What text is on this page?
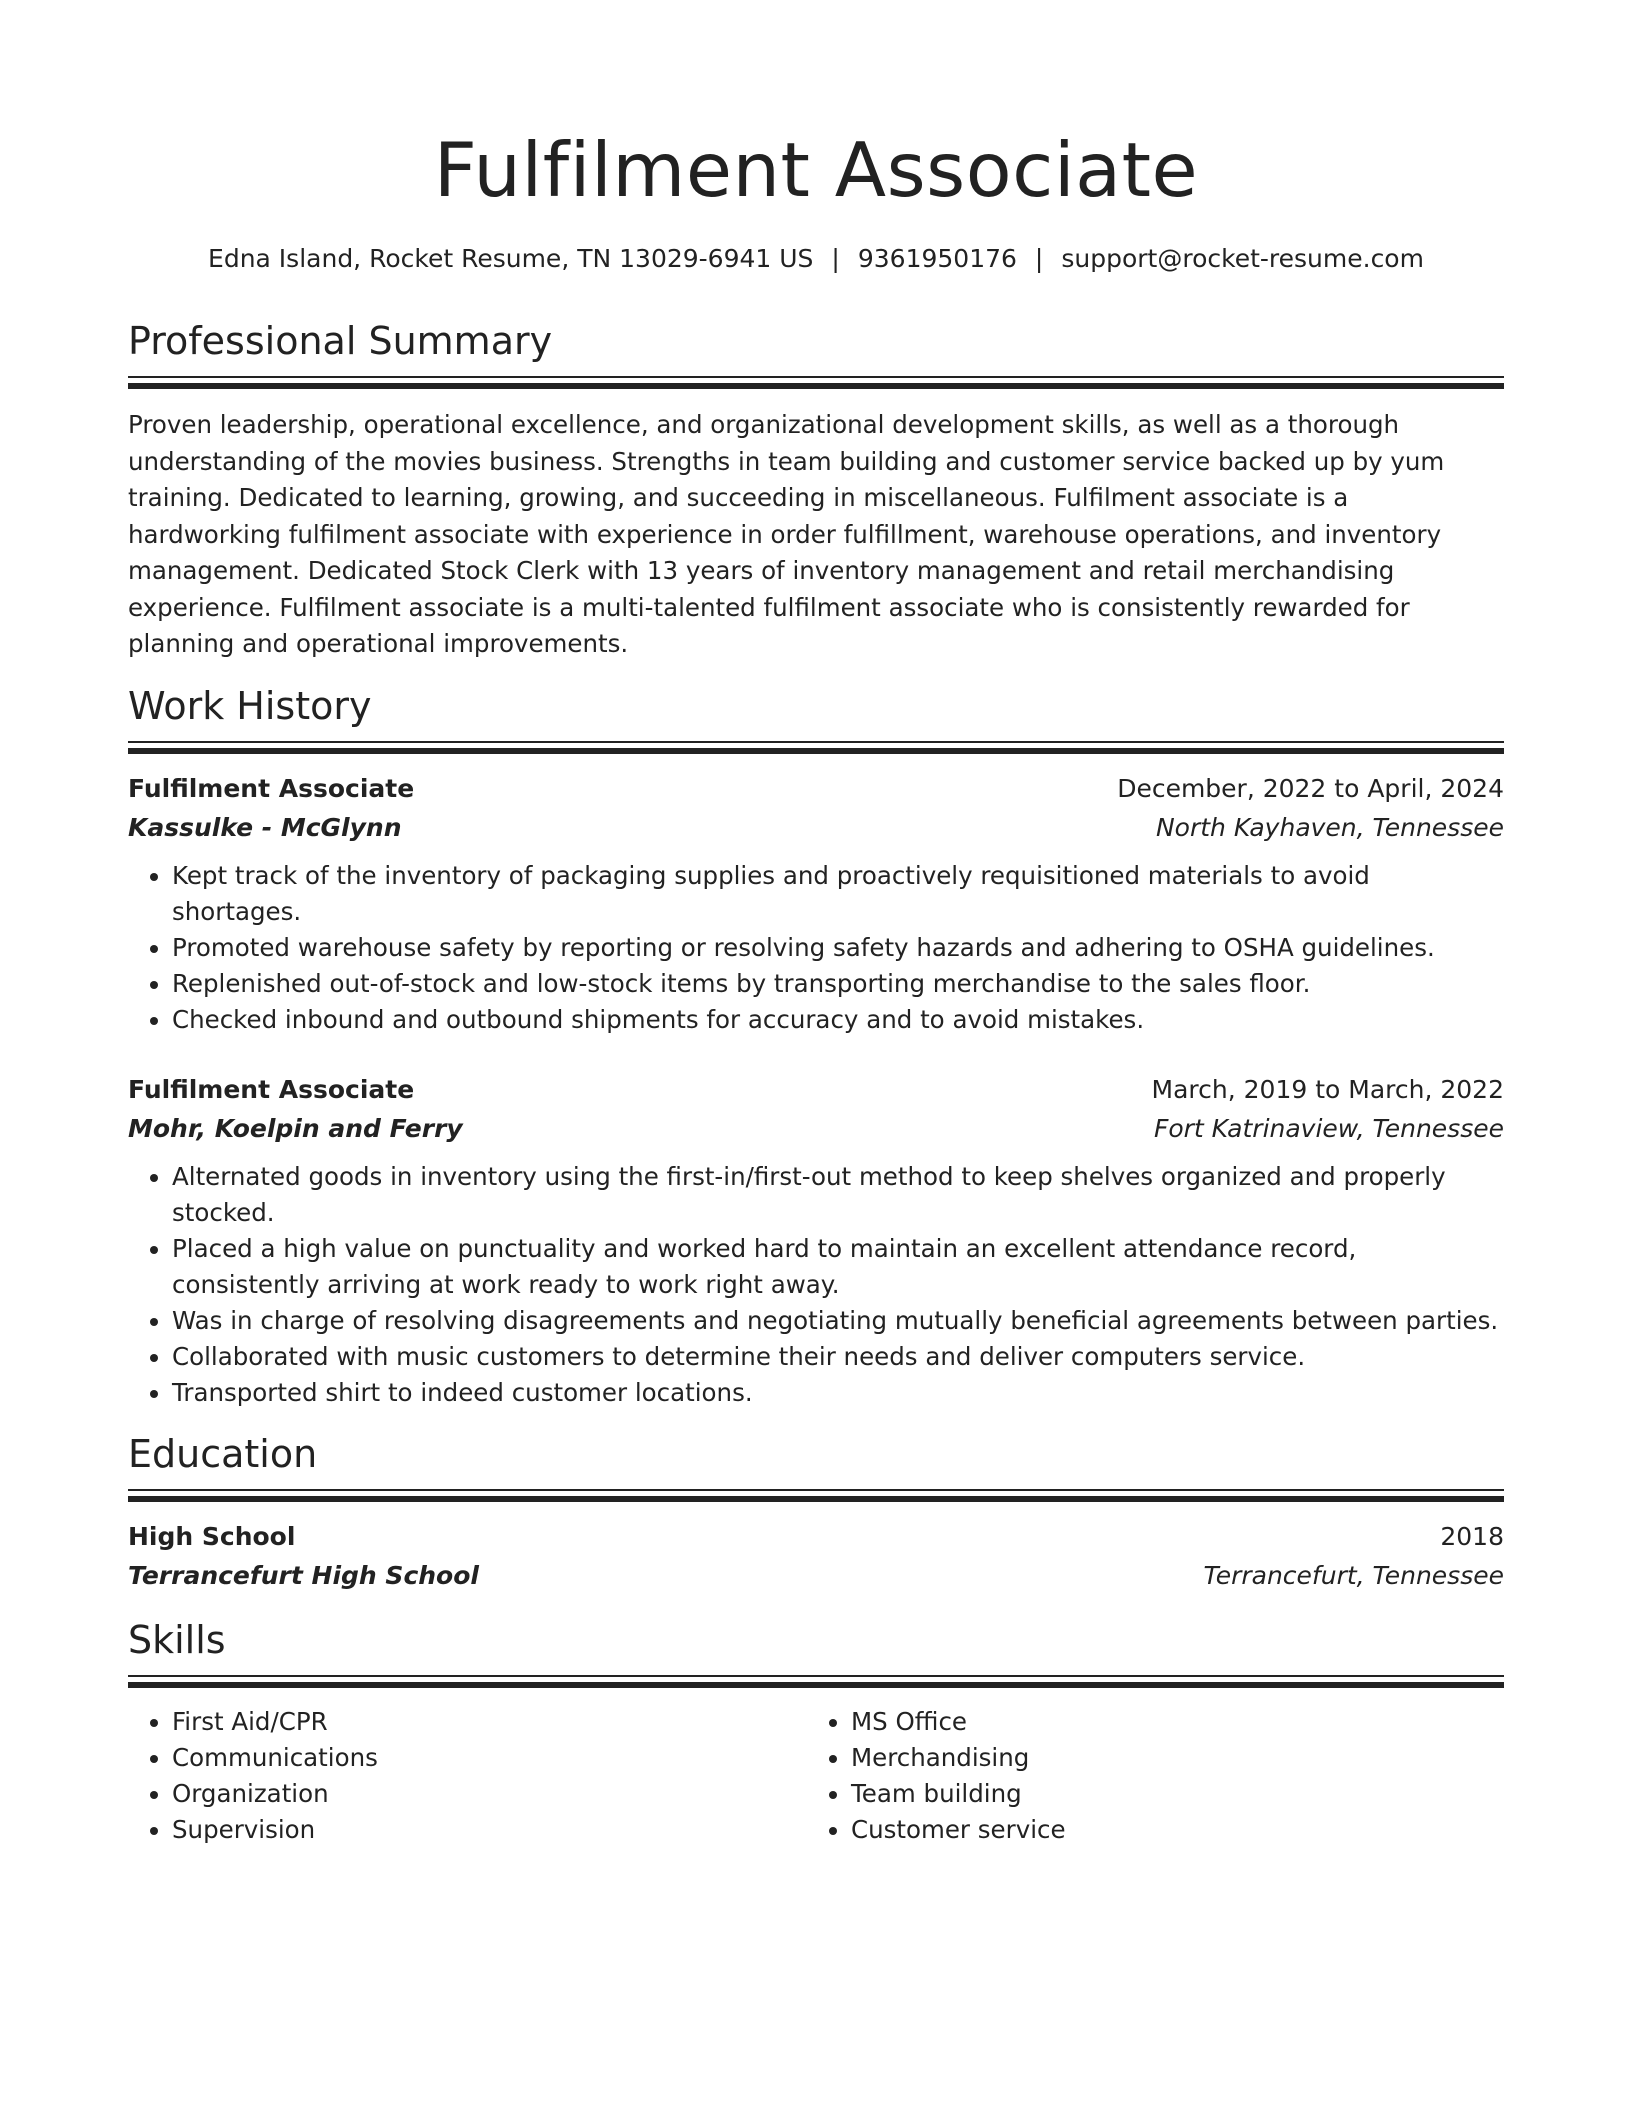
Fulfilment Associate
Edna Island, Rocket Resume, TN 13029-6941 US | 9361950176 | support@rocket-resume.com
Professional Summary
Proven leadership, operational excellence, and organizational development skills, as well as a thorough understanding of the movies business. Strengths in team building and customer service backed up by yum training. Dedicated to learning, growing, and succeeding in miscellaneous. Fulfilment associate is a hardworking fulfilment associate with experience in order fulfillment, warehouse operations, and inventory management. Dedicated Stock Clerk with 13 years of inventory management and retail merchandising experience. Fulfilment associate is a multi-talented fulfilment associate who is consistently rewarded for planning and operational improvements.
Work History
Fulfilment Associate	December, 2022 to April, 2024
Kassulke - McGlynn	North Kayhaven, Tennessee
• Kept track of the inventory of packaging supplies and proactively requisitioned materials to avoid shortages.
• Promoted warehouse safety by reporting or resolving safety hazards and adhering to OSHA guidelines.
• Replenished out-of-stock and low-stock items by transporting merchandise to the sales floor.
• Checked inbound and outbound shipments for accuracy and to avoid mistakes.
Fulfilment Associate	March, 2019 to March, 2022
Mohr, Koelpin and Ferry	Fort Katrinaview, Tennessee
• Alternated goods in inventory using the first-in/first-out method to keep shelves organized and properly stocked.
• Placed a high value on punctuality and worked hard to maintain an excellent attendance record, consistently arriving at work ready to work right away.
• Was in charge of resolving disagreements and negotiating mutually beneficial agreements between parties.
• Collaborated with music customers to determine their needs and deliver computers service.
• Transported shirt to indeed customer locations.
Education
High School	2018
Terrancefurt High School	Terrancefurt, Tennessee
Skills
• First Aid/CPR
• Communications
• Organization
• Supervision
• MS Office
• Merchandising
• Team building
• Customer service
